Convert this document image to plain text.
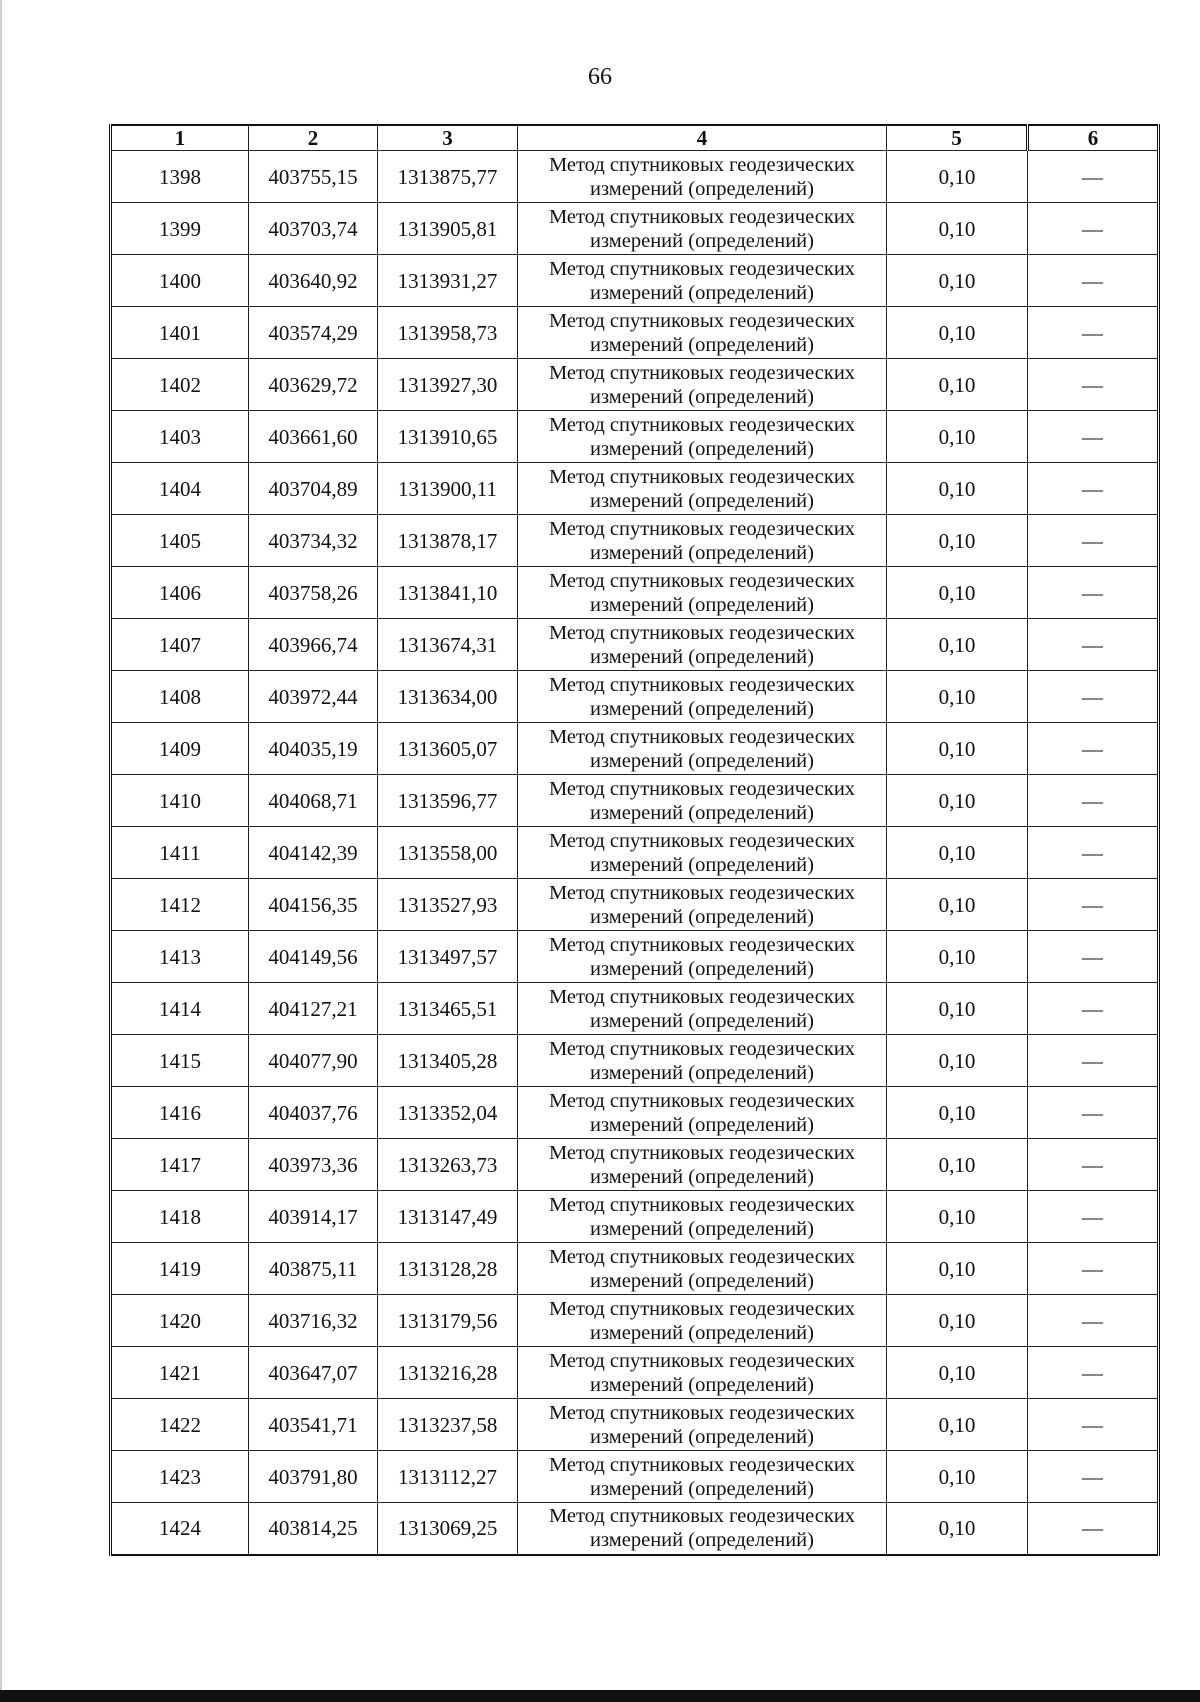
66
1	2	3	4	5	6
1398	403755,15	1313875,77	Метод спутниковых геодезических
измерений (определений)	0,10	—
1399	403703,74	1313905,81	Метод спутниковых геодезических
измерений (определений)	0,10	—
1400	403640,92	1313931,27	Метод спутниковых геодезических
измерений (определений)	0,10	—
1401	403574,29	1313958,73	Метод спутниковых геодезических
измерений (определений)	0,10	—
1402	403629,72	1313927,30	Метод спутниковых геодезических
измерений (определений)	0,10	—
1403	403661,60	1313910,65	Метод спутниковых геодезических
измерений (определений)	0,10	—
1404	403704,89	1313900,11	Метод спутниковых геодезических
измерений (определений)	0,10	—
1405	403734,32	1313878,17	Метод спутниковых геодезических
измерений (определений)	0,10	—
1406	403758,26	1313841,10	Метод спутниковых геодезических
измерений (определений)	0,10	—
1407	403966,74	1313674,31	Метод спутниковых геодезических
измерений (определений)	0,10	—
1408	403972,44	1313634,00	Метод спутниковых геодезических
измерений (определений)	0,10	—
1409	404035,19	1313605,07	Метод спутниковых геодезических
измерений (определений)	0,10	—
1410	404068,71	1313596,77	Метод спутниковых геодезических
измерений (определений)	0,10	—
1411	404142,39	1313558,00	Метод спутниковых геодезических
измерений (определений)	0,10	—
1412	404156,35	1313527,93	Метод спутниковых геодезических
измерений (определений)	0,10	—
1413	404149,56	1313497,57	Метод спутниковых геодезических
измерений (определений)	0,10	—
1414	404127,21	1313465,51	Метод спутниковых геодезических
измерений (определений)	0,10	—
1415	404077,90	1313405,28	Метод спутниковых геодезических
измерений (определений)	0,10	—
1416	404037,76	1313352,04	Метод спутниковых геодезических
измерений (определений)	0,10	—
1417	403973,36	1313263,73	Метод спутниковых геодезических
измерений (определений)	0,10	—
1418	403914,17	1313147,49	Метод спутниковых геодезических
измерений (определений)	0,10	—
1419	403875,11	1313128,28	Метод спутниковых геодезических
измерений (определений)	0,10	—
1420	403716,32	1313179,56	Метод спутниковых геодезических
измерений (определений)	0,10	—
1421	403647,07	1313216,28	Метод спутниковых геодезических
измерений (определений)	0,10	—
1422	403541,71	1313237,58	Метод спутниковых геодезических
измерений (определений)	0,10	—
1423	403791,80	1313112,27	Метод спутниковых геодезических
измерений (определений)	0,10	—
1424	403814,25	1313069,25	Метод спутниковых геодезических
измерений (определений)	0,10	—
